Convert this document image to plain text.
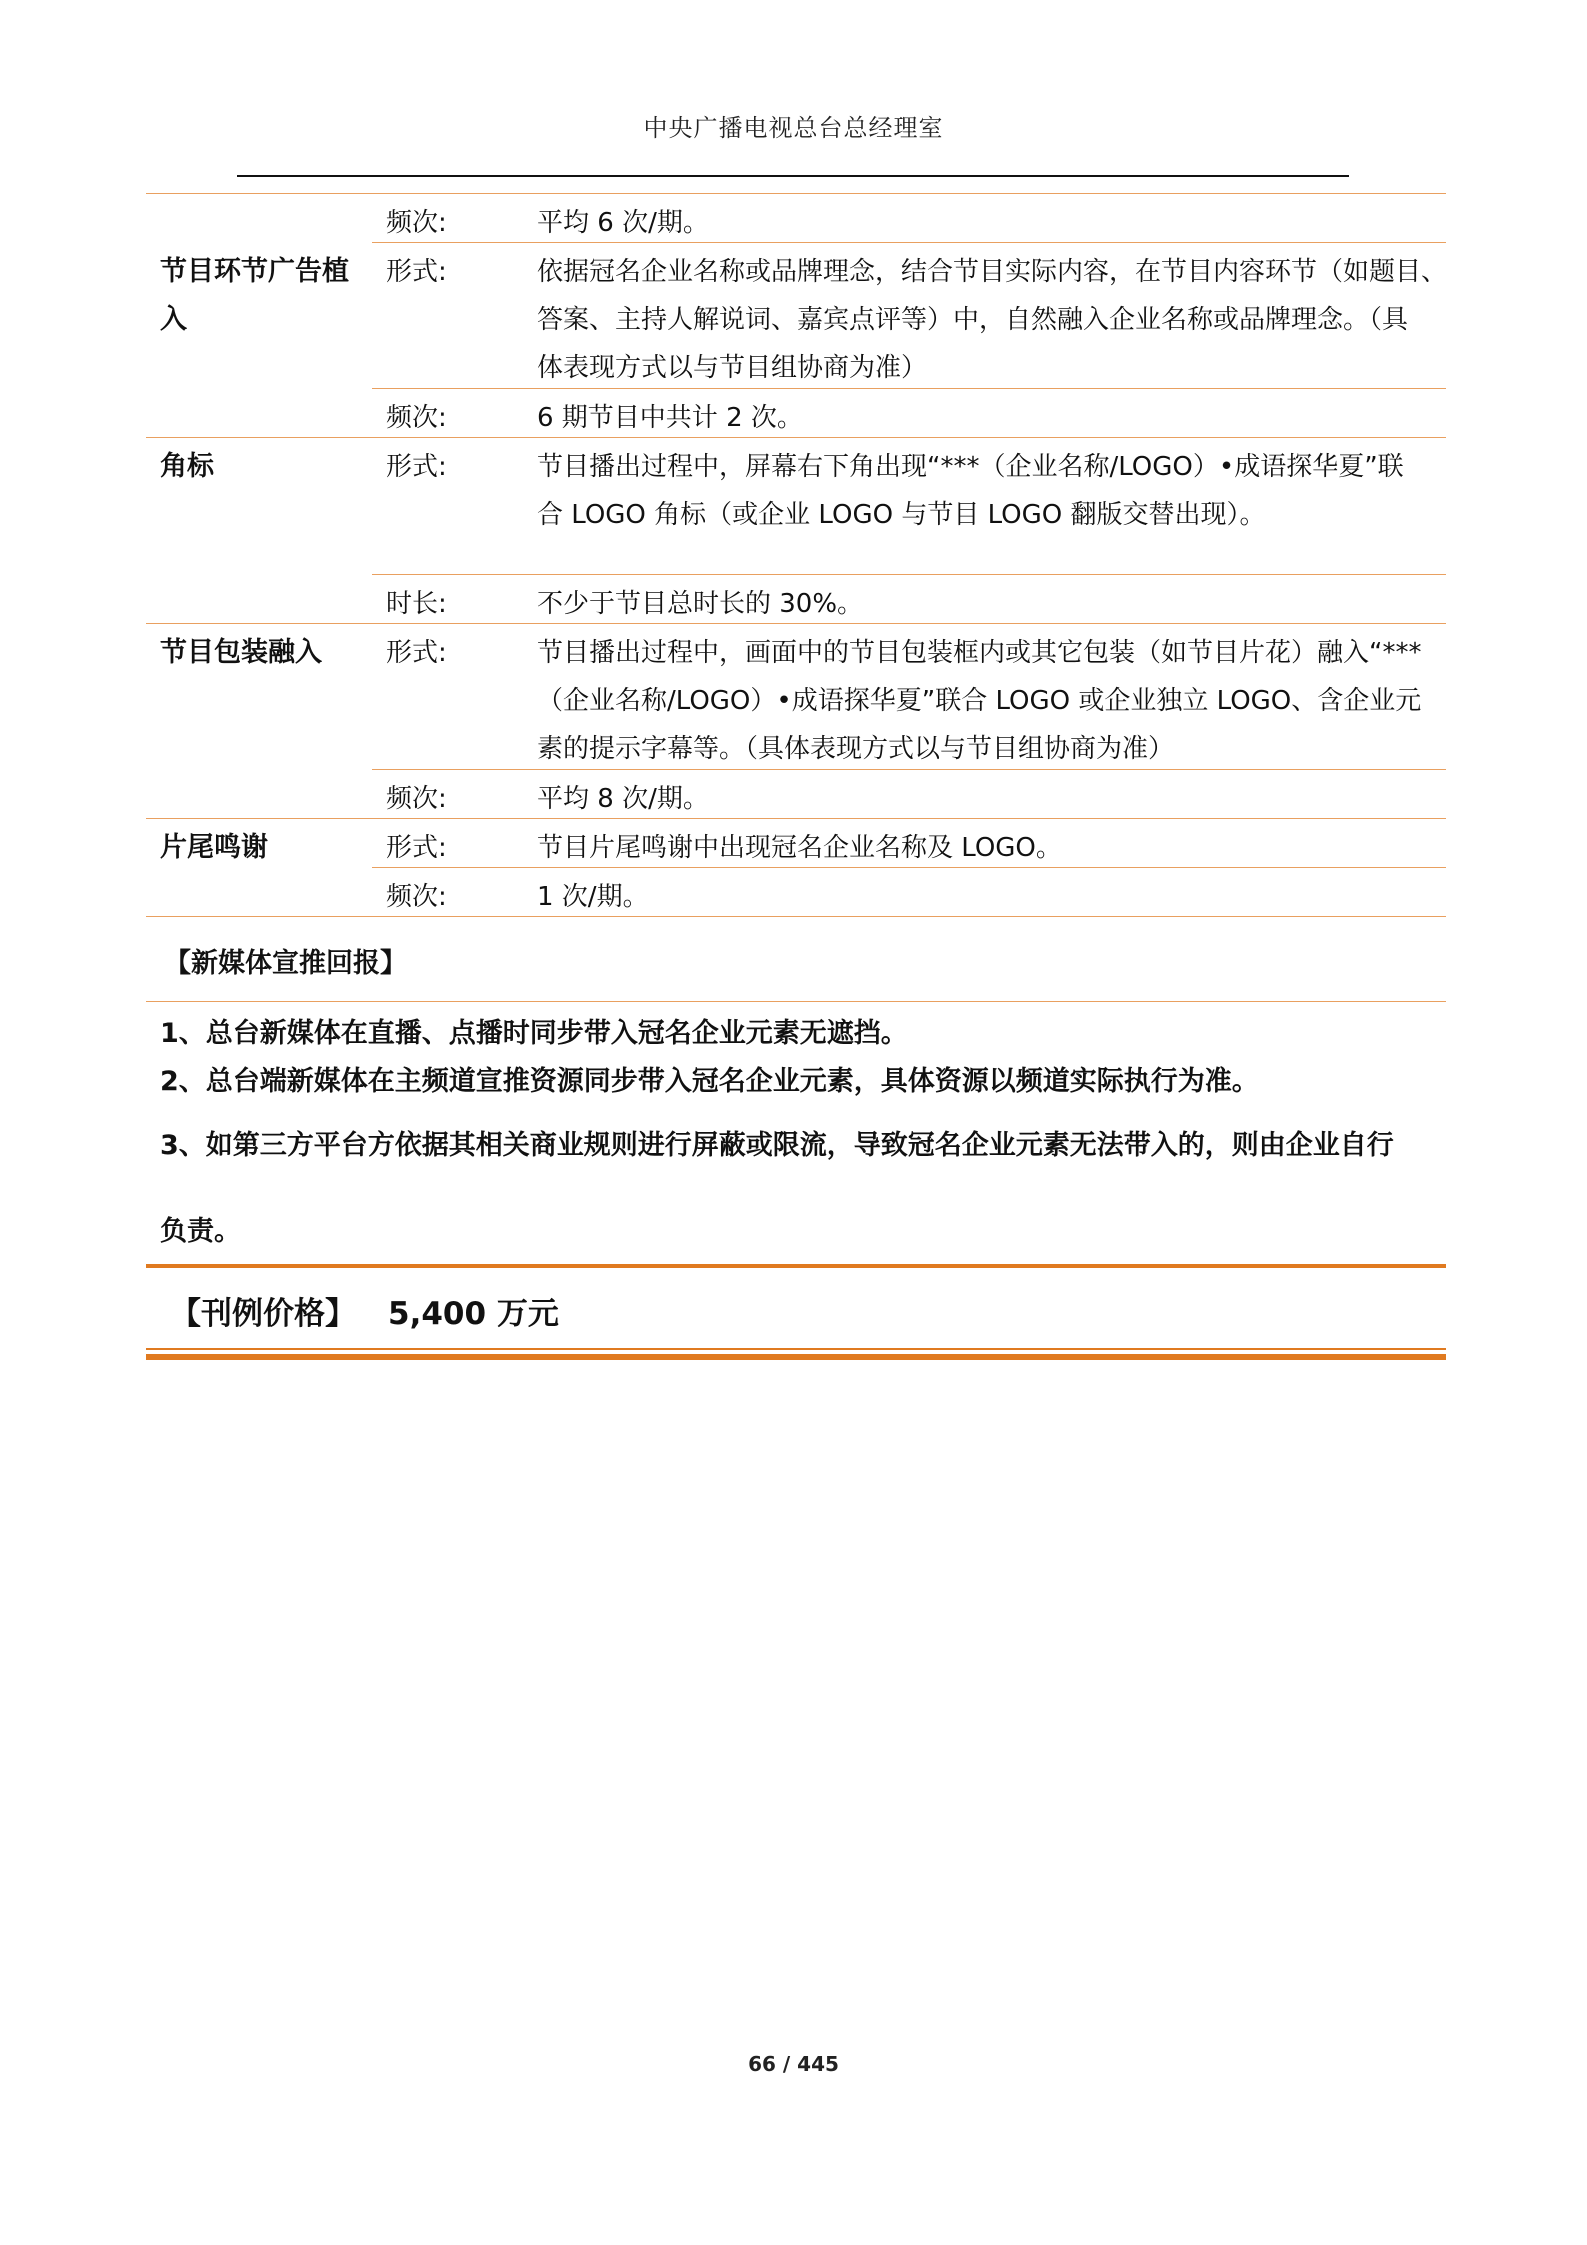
中央广播电视总台总经理室
频次:	平均 6 次/期。
节目环节广告植
入
形式:	依据冠名企业名称或品牌理念，结合节目实际内容，在节目内容环节（如题目、
答案、主持人解说词、嘉宾点评等）中，自然融入企业名称或品牌理念。（具
体表现方式以与节目组协商为准）
频次:	6 期节目中共计 2 次。
角标	形式:	节目播出过程中，屏幕右下角出现“***（企业名称/LOGO）•成语探华夏”联
合 LOGO 角标（或企业 LOGO 与节目 LOGO 翻版交替出现）。
时长:	不少于节目总时长的 30%。
节目包装融入 形式:	节目播出过程中，画面中的节目包装框内或其它包装（如节目片花）融入“***
（企业名称/LOGO）•成语探华夏”联合 LOGO 或企业独立 LOGO、含企业元
素的提示字幕等。（具体表现方式以与节目组协商为准）
频次:	平均 8 次/期。
片尾鸣谢	形式:	节目片尾鸣谢中出现冠名企业名称及 LOGO。
频次:	1 次/期。
【新媒体宣推回报】
1、总台新媒体在直播、点播时同步带入冠名企业元素无遮挡。
2、总台端新媒体在主频道宣推资源同步带入冠名企业元素，具体资源以频道实际执行为准。
3、如第三方平台方依据其相关商业规则进行屏蔽或限流，导致冠名企业元素无法带入的，则由企业自行
负责。
【刊例价格】 5,400 万元
66 / 445
